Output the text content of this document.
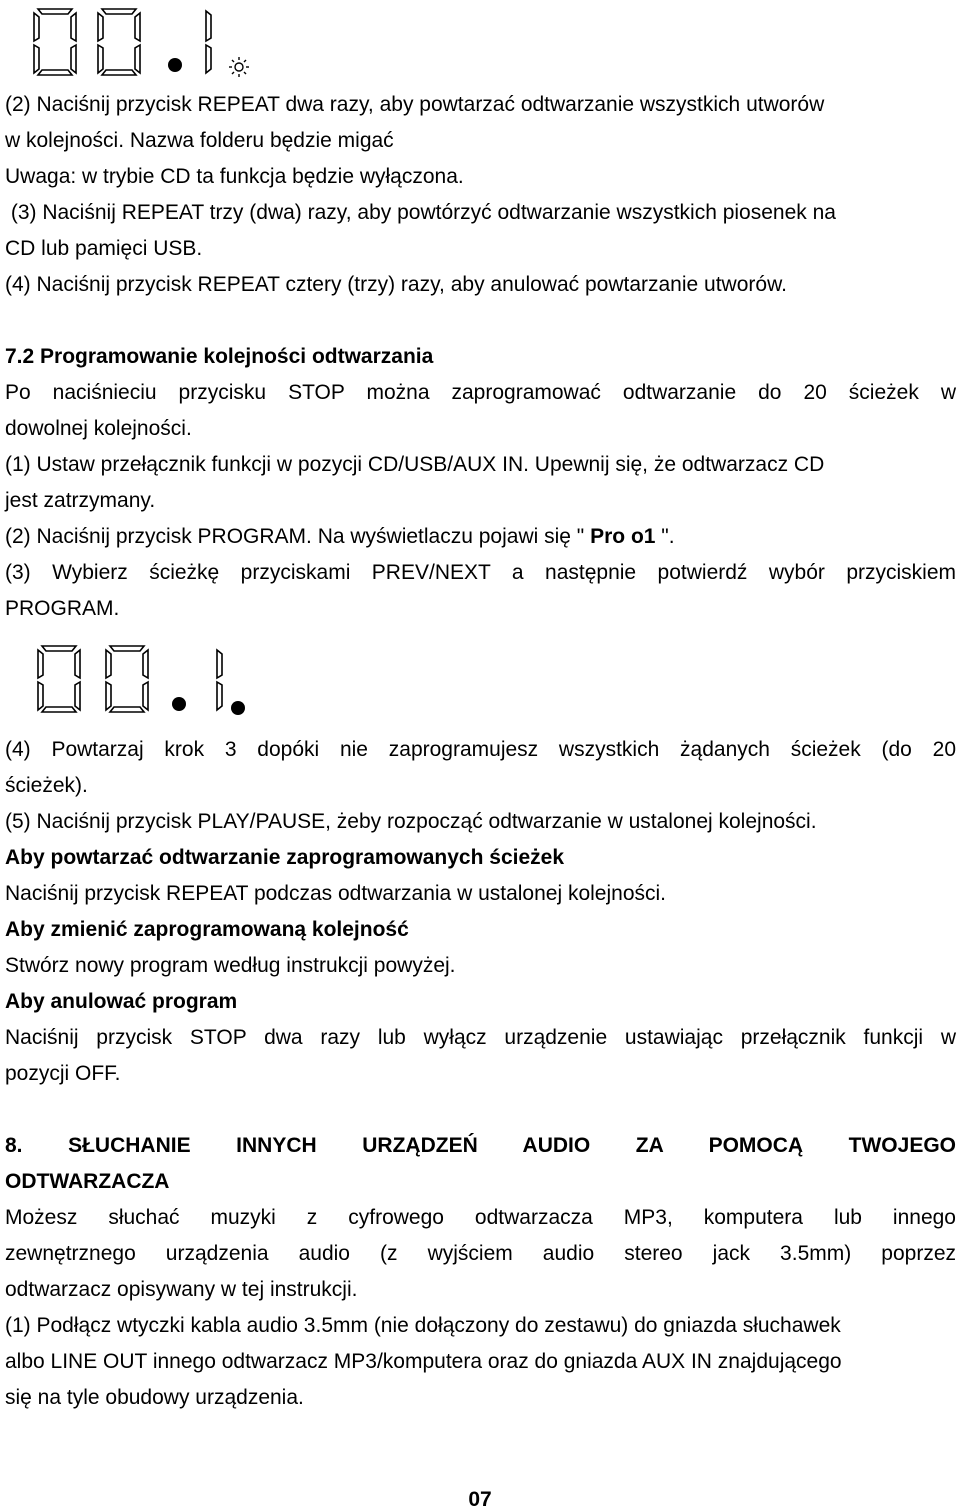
(2) Naciśnij przycisk REPEAT dwa razy, aby powtarzać odtwarzanie wszystkich utworów
w kolejności. Nazwa folderu będzie migać
Uwaga: w trybie CD ta funkcja będzie wyłączona.
(3) Naciśnij REPEAT trzy (dwa) razy, aby powtórzyć odtwarzanie wszystkich piosenek na
CD lub pamięci USB.
(4) Naciśnij przycisk REPEAT cztery (trzy) razy, aby anulować powtarzanie utworów.
7.2 Programowanie kolejności odtwarzania
Po naciśnieciu przycisku STOP można zaprogramować odtwarzanie do 20 ścieżek w
dowolnej kolejności.
(1) Ustaw przełącznik funkcji w pozycji CD/USB/AUX IN. Upewnij się, że odtwarzacz CD
jest zatrzymany.
(2) Naciśnij przycisk PROGRAM. Na wyświetlaczu pojawi się " Pro o1 ".
(3) Wybierz ścieżkę przyciskami PREV/NEXT a następnie potwierdź wybór przyciskiem
PROGRAM.
(4) Powtarzaj krok 3 dopóki nie zaprogramujesz wszystkich żądanych ścieżek (do 20
ścieżek).
(5) Naciśnij przycisk PLAY/PAUSE, żeby rozpocząć odtwarzanie w ustalonej kolejności.
Aby powtarzać odtwarzanie zaprogramowanych ścieżek
Naciśnij przycisk REPEAT podczas odtwarzania w ustalonej kolejności.
Aby zmienić zaprogramowaną kolejność
Stwórz nowy program według instrukcji powyżej.
Aby anulować program
Naciśnij przycisk STOP dwa razy lub wyłącz urządzenie ustawiając przełącznik funkcji w
pozycji OFF.
8. SŁUCHANIE INNYCH URZĄDZEŃ AUDIO ZA POMOCĄ TWOJEGO
ODTWARZACZA
Możesz słuchać muzyki z cyfrowego odtwarzacza MP3, komputera lub innego
zewnętrznego urządzenia audio (z wyjściem audio stereo jack 3.5mm) poprzez
odtwarzacz opisywany w tej instrukcji.
(1) Podłącz wtyczki kabla audio 3.5mm (nie dołączony do zestawu) do gniazda słuchawek
albo LINE OUT innego odtwarzacz MP3/komputera oraz do gniazda AUX IN znajdującego
się na tyle obudowy urządzenia.
07
